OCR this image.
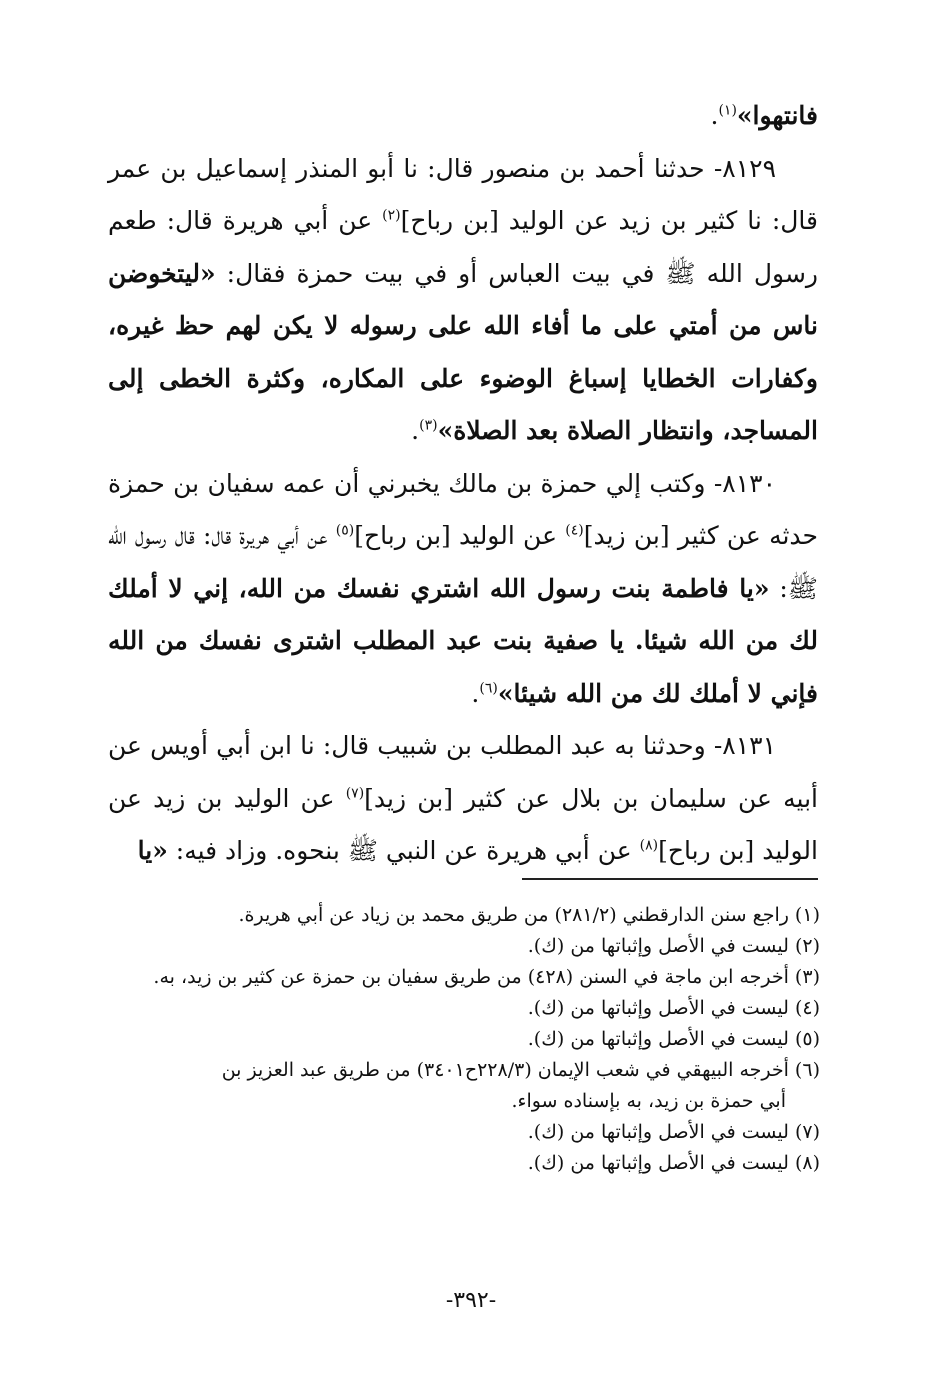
فانتهوا»$^{(١)}$.

٨١٢٩- حدثنا أحمد بن منصور قال: نا أبو المنذر إسماعيل بن عمر قال: نا كثير بن زيد عن الوليد [بن رباح]$^{(٢)}$ عن أبي هريرة قال: طعم رسول الله ﷺ في بيت العباس أو في بيت حمزة فقال: «ليتخوضن ناس من أمتي على ما أفاء الله على رسوله لا يكن لهم حظ غيره، وكفارات الخطايا إسباغ الوضوء على المكاره، وكثرة الخطى إلى المساجد، وانتظار الصلاة بعد الصلاة»$^{(٣)}$.

٨١٣٠- وكتب إلي حمزة بن مالك يخبرني أن عمه سفيان بن حمزة حدثه عن كثير [بن زيد]$^{(٤)}$ عن الوليد [بن رباح]$^{(٥)}$ عن أبي هريرة قال: قال رسول الله ﷺ: «يا فاطمة بنت رسول الله اشتري نفسك من الله، إني لا أملك لك من الله شيئا. يا صفية بنت عبد المطلب اشترى نفسك من الله فإني لا أملك لك من الله شيئا»$^{(٦)}$.

٨١٣١- وحدثنا به عبد المطلب بن شبيب قال: نا ابن أبي أويس عن أبيه عن سليمان بن بلال عن كثير [بن زيد]$^{(٧)}$ عن الوليد بن زيد عن الوليد [بن رباح]$^{(٨)}$ عن أبي هريرة عن النبي ﷺ بنحوه. وزاد فيه: «يا

(١) راجع سنن الدارقطني (٢٨١/٢) من طريق محمد بن زياد عن أبي هريرة.
(٢) ليست في الأصل وإثباتها من (ك).
(٣) أخرجه ابن ماجة في السنن (٤٢٨) من طريق سفيان بن حمزة عن كثير بن زيد، به.
(٤) ليست في الأصل وإثباتها من (ك).
(٥) ليست في الأصل وإثباتها من (ك).
(٦) أخرجه البيهقي في شعب الإيمان (٢٢٨/٣ح٣٤٠١) من طريق عبد العزيز بن
أبي حمزة بن زيد، به بإسناده سواء.
(٧) ليست في الأصل وإثباتها من (ك).
(٨) ليست في الأصل وإثباتها من (ك).
-٣٩٢-
